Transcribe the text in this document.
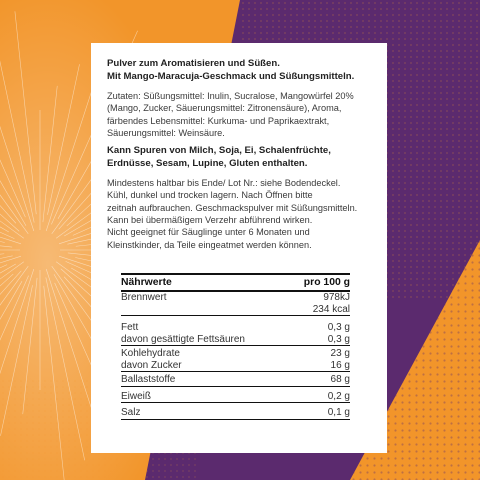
Pulver zum Aromatisieren und Süßen.
Mit Mango-Maracuja-Geschmack und Süßungsmitteln.

Zutaten: Süßungsmittel: Inulin, Sucralose, Mangowürfel 20% (Mango, Zucker, Säuerungsmittel: Zitronensäure), Aroma, färbendes Lebensmittel: Kurkuma- und Paprikaextrakt, Säuerungsmittel: Weinsäure.

Kann Spuren von Milch, Soja, Ei, Schalenfrüchte, Erdnüsse, Sesam, Lupine, Gluten enthalten.

Mindestens haltbar bis Ende/ Lot Nr.: siehe Bodendeckel.
Kühl, dunkel und trocken lagern. Nach Öffnen bitte
zeitnah aufbrauchen. Geschmackspulver mit Süßungsmitteln.
Kann bei übermäßigem Verzehr abführend wirken.
Nicht geeignet für Säuglinge unter 6 Monaten und
Kleinstkinder, da Teile eingeatmet werden können.
Nährwerte	pro 100 g
Brennwert	978kJ
234 kcal
Fett	0,3 g
davon gesättigte Fettsäuren	0,3 g
Kohlehydrate	23 g
davon Zucker	16 g
Ballaststoffe	68 g
Eiweiß	0,2 g
Salz	0,1 g
